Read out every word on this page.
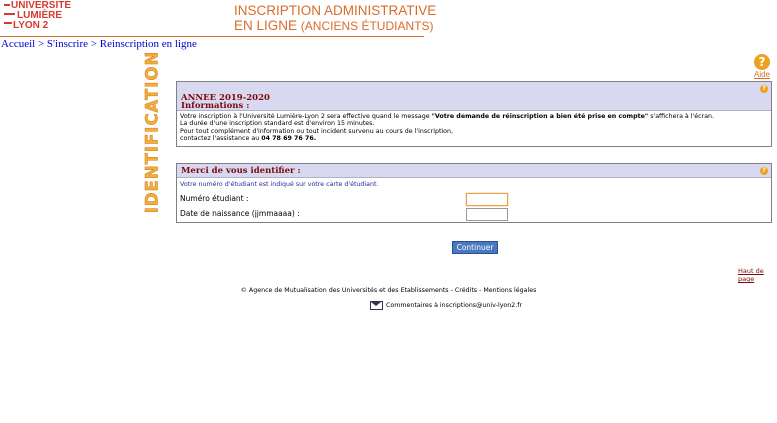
UNIVERSITÉ
LUMIÈRE
LYON 2
INSCRIPTION ADMINISTRATIVE
EN LIGNE (ANCIENS ÉTUDIANTS)
Accueil > S'inscrire > Reinscription en ligne
IDENTIFICATION	?
Aide
ANNEE 2019-2020
Informations :
?
Votre inscription à l'Université Lumière-Lyon 2 sera effective quand le message "Votre demande de réinscription a bien été prise en compte" s'affichera à l'écran.
La durée d'une inscription standard est d'environ 15 minutes.
Pour tout complément d'information ou tout incident survenu au cours de l'inscription,
contactez l'assistance au 04 78 69 76 76.
Merci de vous identifier :	?
Votre numéro d'étudiant est indiqué sur votre carte d'étudiant.
Numéro étudiant :
Date de naissance (jjmmaaaa) :
Continuer
Haut de page
© Agence de Mutualisation des Universités et des Etablissements - Crédits - Mentions légales
Commentaires à inscriptions@univ-lyon2.fr
